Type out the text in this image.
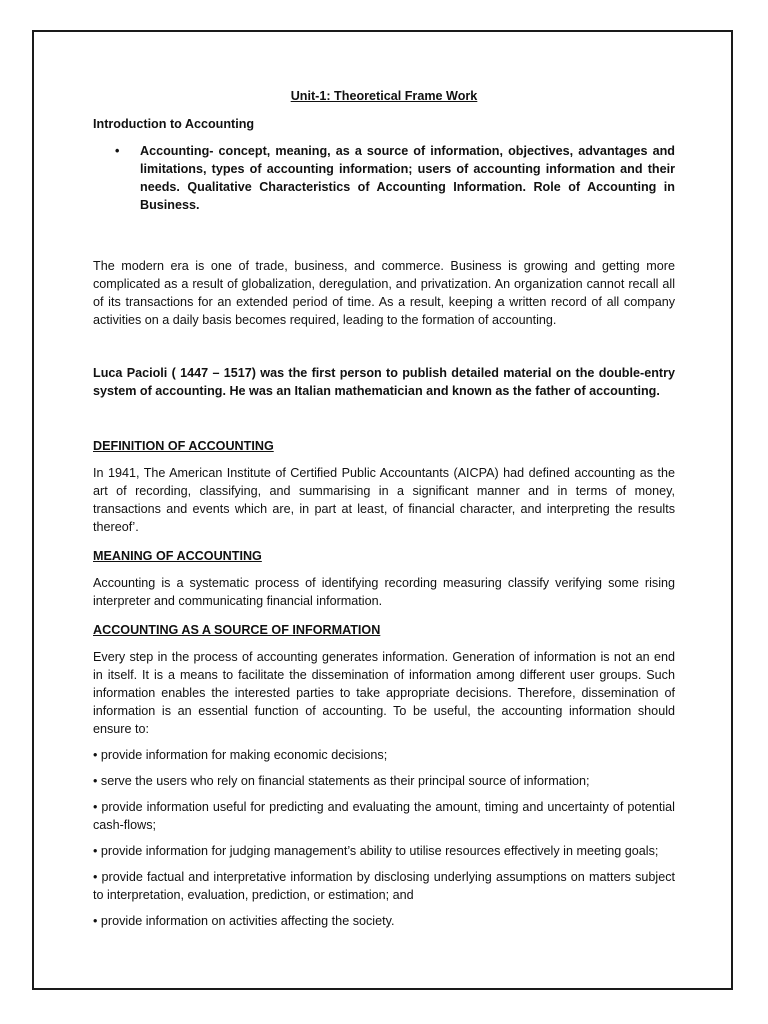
Unit-1: Theoretical Frame Work
Introduction to Accounting
• Accounting- concept, meaning, as a source of information, objectives, advantages and limitations, types of accounting information; users of accounting information and their needs. Qualitative Characteristics of Accounting Information. Role of Accounting in Business.

The modern era is one of trade, business, and commerce. Business is growing and getting more complicated as a result of globalization, deregulation, and privatization. An organization cannot recall all of its transactions for an extended period of time. As a result, keeping a written record of all company activities on a daily basis becomes required, leading to the formation of accounting.

Luca Pacioli ( 1447 – 1517) was the first person to publish detailed material on the double-entry system of accounting. He was an Italian mathematician and known as the father of accounting.

DEFINITION OF ACCOUNTING

In 1941, The American Institute of Certified Public Accountants (AICPA) had defined accounting as the art of recording, classifying, and summarising in a significant manner and in terms of money, transactions and events which are, in part at least, of financial character, and interpreting the results thereof’.

MEANING OF ACCOUNTING

Accounting is a systematic process of identifying recording measuring classify verifying some rising interpreter and communicating financial information.

ACCOUNTING AS A SOURCE OF INFORMATION

Every step in the process of accounting generates information. Generation of information is not an end in itself. It is a means to facilitate the dissemination of information among different user groups. Such information enables the interested parties to take appropriate decisions. Therefore, dissemination of information is an essential function of accounting. To be useful, the accounting information should ensure to:

• provide information for making economic decisions;

• serve the users who rely on financial statements as their principal source of information;

• provide information useful for predicting and evaluating the amount, timing and uncertainty of potential cash-flows;

• provide information for judging management’s ability to utilise resources effectively in meeting goals;

• provide factual and interpretative information by disclosing underlying assumptions on matters subject to interpretation, evaluation, prediction, or estimation; and

• provide information on activities affecting the society.
